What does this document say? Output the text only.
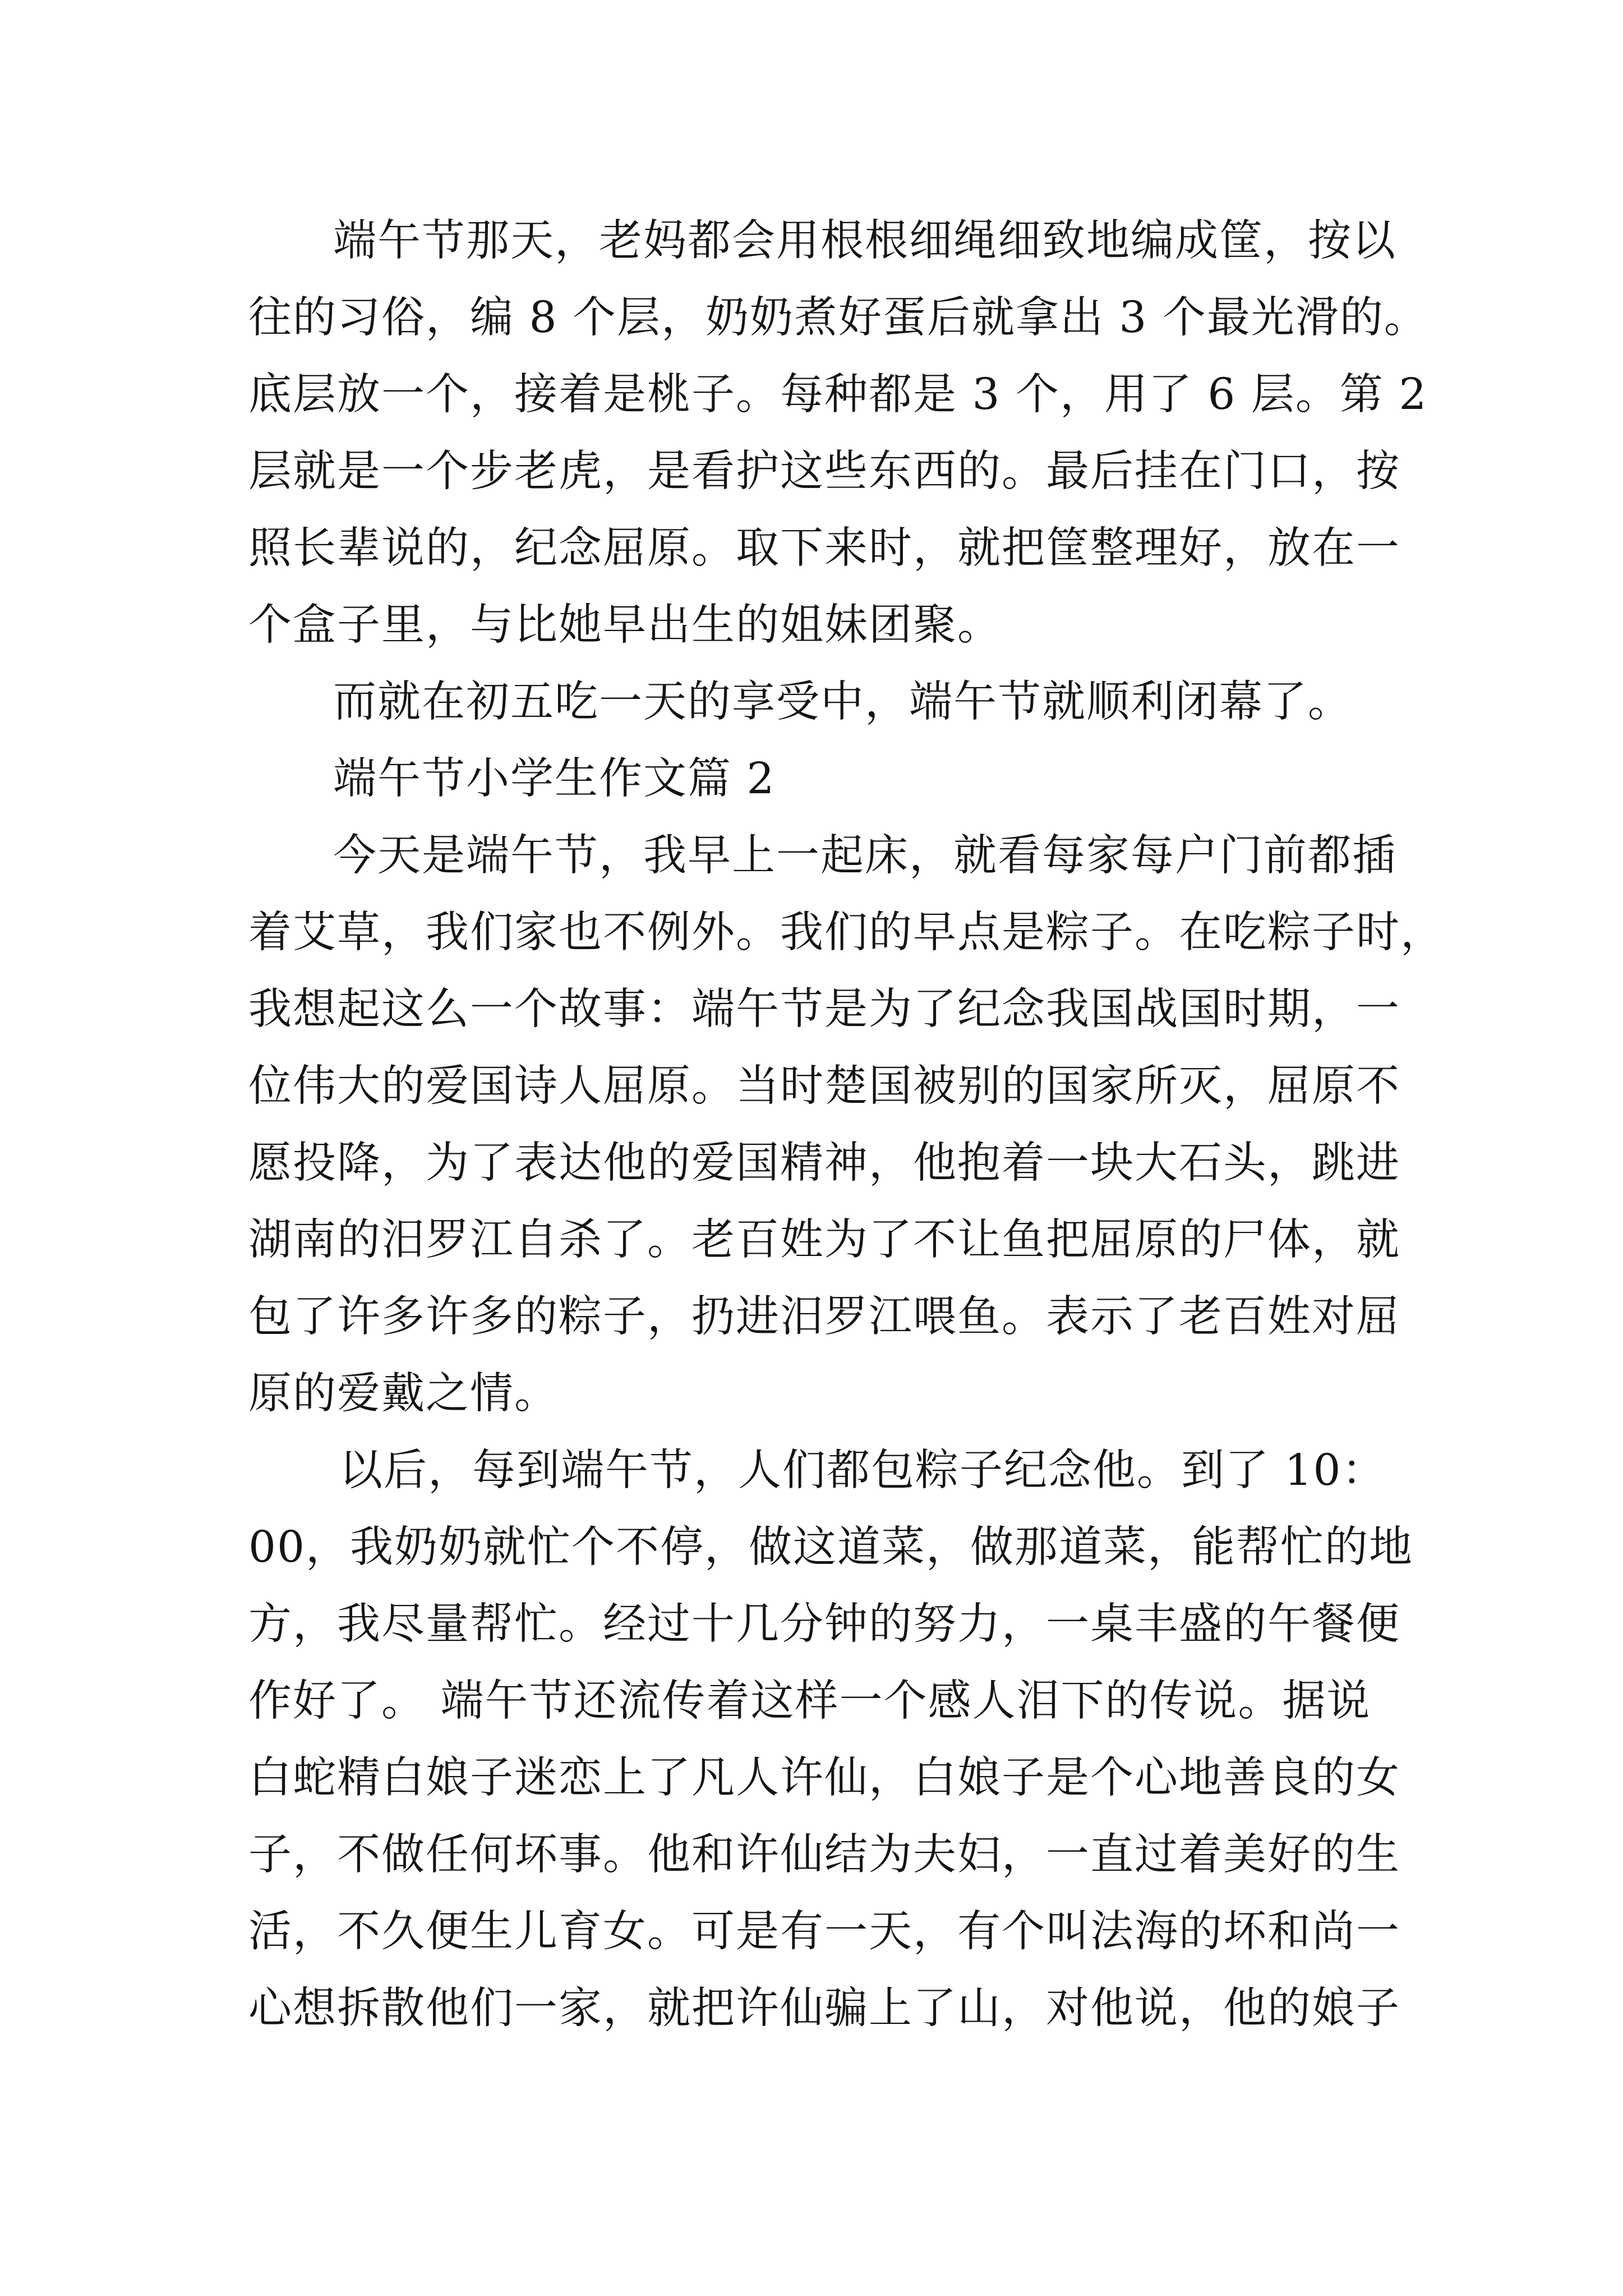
端午节那天，老妈都会用根根细绳细致地编成筐，按以
往的习俗，编 8 个层，奶奶煮好蛋后就拿出 3 个最光滑的。
底层放一个，接着是桃子。每种都是 3 个，用了 6 层。第 2
层就是一个步老虎，是看护这些东西的。最后挂在门口，按
照长辈说的，纪念屈原。取下来时，就把筐整理好，放在一
个盒子里，与比她早出生的姐妹团聚。
而就在初五吃一天的享受中，端午节就顺利闭幕了。
端午节小学生作文篇 2
今天是端午节，我早上一起床，就看每家每户门前都插
着艾草，我们家也不例外。我们的早点是粽子。在吃粽子时，
我想起这么一个故事：端午节是为了纪念我国战国时期，一
位伟大的爱国诗人屈原。当时楚国被别的国家所灭，屈原不
愿投降，为了表达他的爱国精神，他抱着一块大石头，跳进
湖南的汨罗江自杀了。老百姓为了不让鱼把屈原的尸体，就
包了许多许多的粽子，扔进汨罗江喂鱼。表示了老百姓对屈
原的爱戴之情。
以后，每到端午节，人们都包粽子纪念他。到了 10：
00，我奶奶就忙个不停，做这道菜，做那道菜，能帮忙的地
方，我尽量帮忙。经过十几分钟的努力，一桌丰盛的午餐便
作好了。 端午节还流传着这样一个感人泪下的传说。据说
白蛇精白娘子迷恋上了凡人许仙，白娘子是个心地善良的女
子，不做任何坏事。他和许仙结为夫妇，一直过着美好的生
活，不久便生儿育女。可是有一天，有个叫法海的坏和尚一
心想拆散他们一家，就把许仙骗上了山，对他说，他的娘子
